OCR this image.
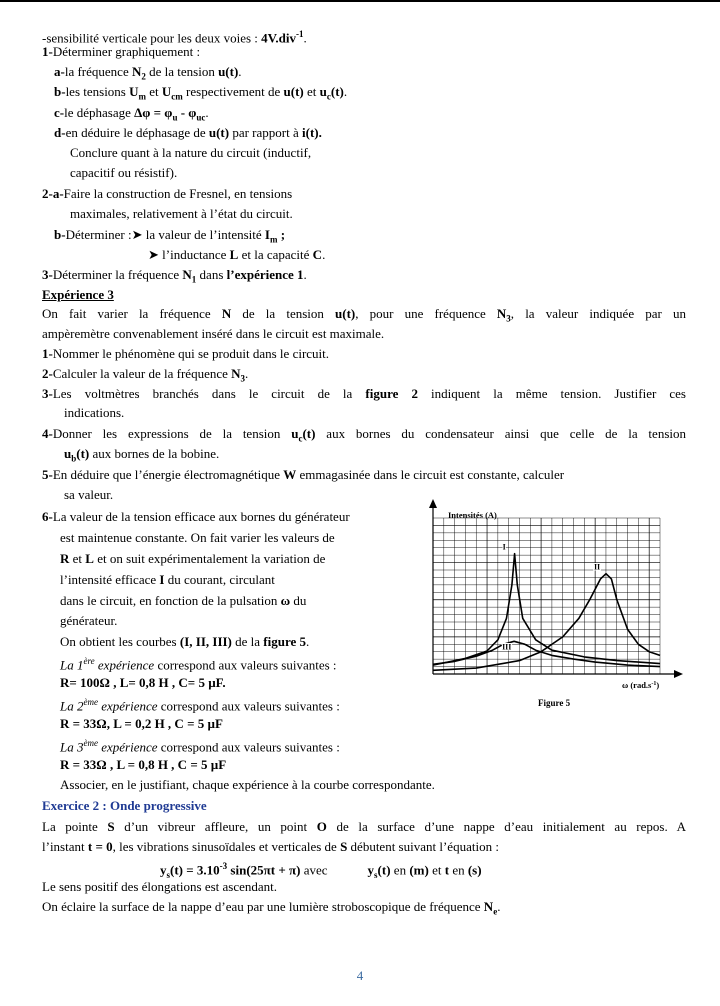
-sensibilité verticale pour les deux voies : 4V.div$^{-1}$.
1-Déterminer graphiquement :
a-la fréquence $N_2$ de la tension u(t).
b-les tensions $U_m$ et $U_{cm}$ respectivement de u(t) et $u_c(t)$.
c-le déphasage $\Delta\varphi = \varphi_u - \varphi_{uc}$.
d-en déduire le déphasage de u(t) par rapport à i(t).
Conclure quant à la nature du circuit (inductif,
capacitif ou résistif).
2-a-Faire la construction de Fresnel, en tensions
maximales, relativement à l’état du circuit.
b-Déterminer :➤ la valeur de l’intensité $I_m$ ;
➤ l’inductance L et la capacité C.
3-Déterminer la fréquence $N_1$ dans l’expérience 1.
Expérience 3
On fait varier la fréquence N de la tension u(t), pour une fréquence $N_3$, la valeur indiquée par un
ampèremètre convenablement inséré dans le circuit est maximale.
1-Nommer le phénomène qui se produit dans le circuit.
2-Calculer la valeur de la fréquence $N_3$.
3-Les voltmètres branchés dans le circuit de la figure 2 indiquent la même tension. Justifier ces
indications.
4-Donner les expressions de la tension $u_c(t)$ aux bornes du condensateur ainsi que celle de la tension
$u_b(t)$ aux bornes de la bobine.
5-En déduire que l’énergie électromagnétique W emmagasinée dans le circuit est constante, calculer
sa valeur.
6-La valeur de la tension efficace aux bornes du générateur
est maintenue constante. On fait varier les valeurs de
R et L et on suit expérimentalement la variation de
l’intensité efficace I du courant, circulant
dans le circuit, en fonction de la pulsation ω du
générateur.
On obtient les courbes (I, II, III) de la figure 5.
La 1ère expérience correspond aux valeurs suivantes :
R= 100Ω , L= 0,8 H , C= 5 µF.
La 2ème expérience correspond aux valeurs suivantes :
R = 33Ω, L = 0,2 H , C = 5 µF
La 3ème expérience correspond aux valeurs suivantes :
R = 33Ω , L = 0,8 H , C = 5 µF
Associer, en le justifiant, chaque expérience à la courbe correspondante.
Exercice 2 : Onde progressive
La pointe S d’un vibreur affleure, un point O de la surface d’une nappe d’eau initialement au repos. A
l’instant t = 0, les vibrations sinusoïdales et verticales de S débutent suivant l’équation :
$y_s(t) = 3.10^{-3}$ sin(25πt + π) avec	$y_s(t)$ en (m) et t en (s)
Le sens positif des élongations est ascendant.
On éclaire la surface de la nappe d’eau par une lumière stroboscopique de fréquence $N_e$.
4
Intensités (A)
ω $(rad.s^{-1})$
I
II
III
Figure 5
